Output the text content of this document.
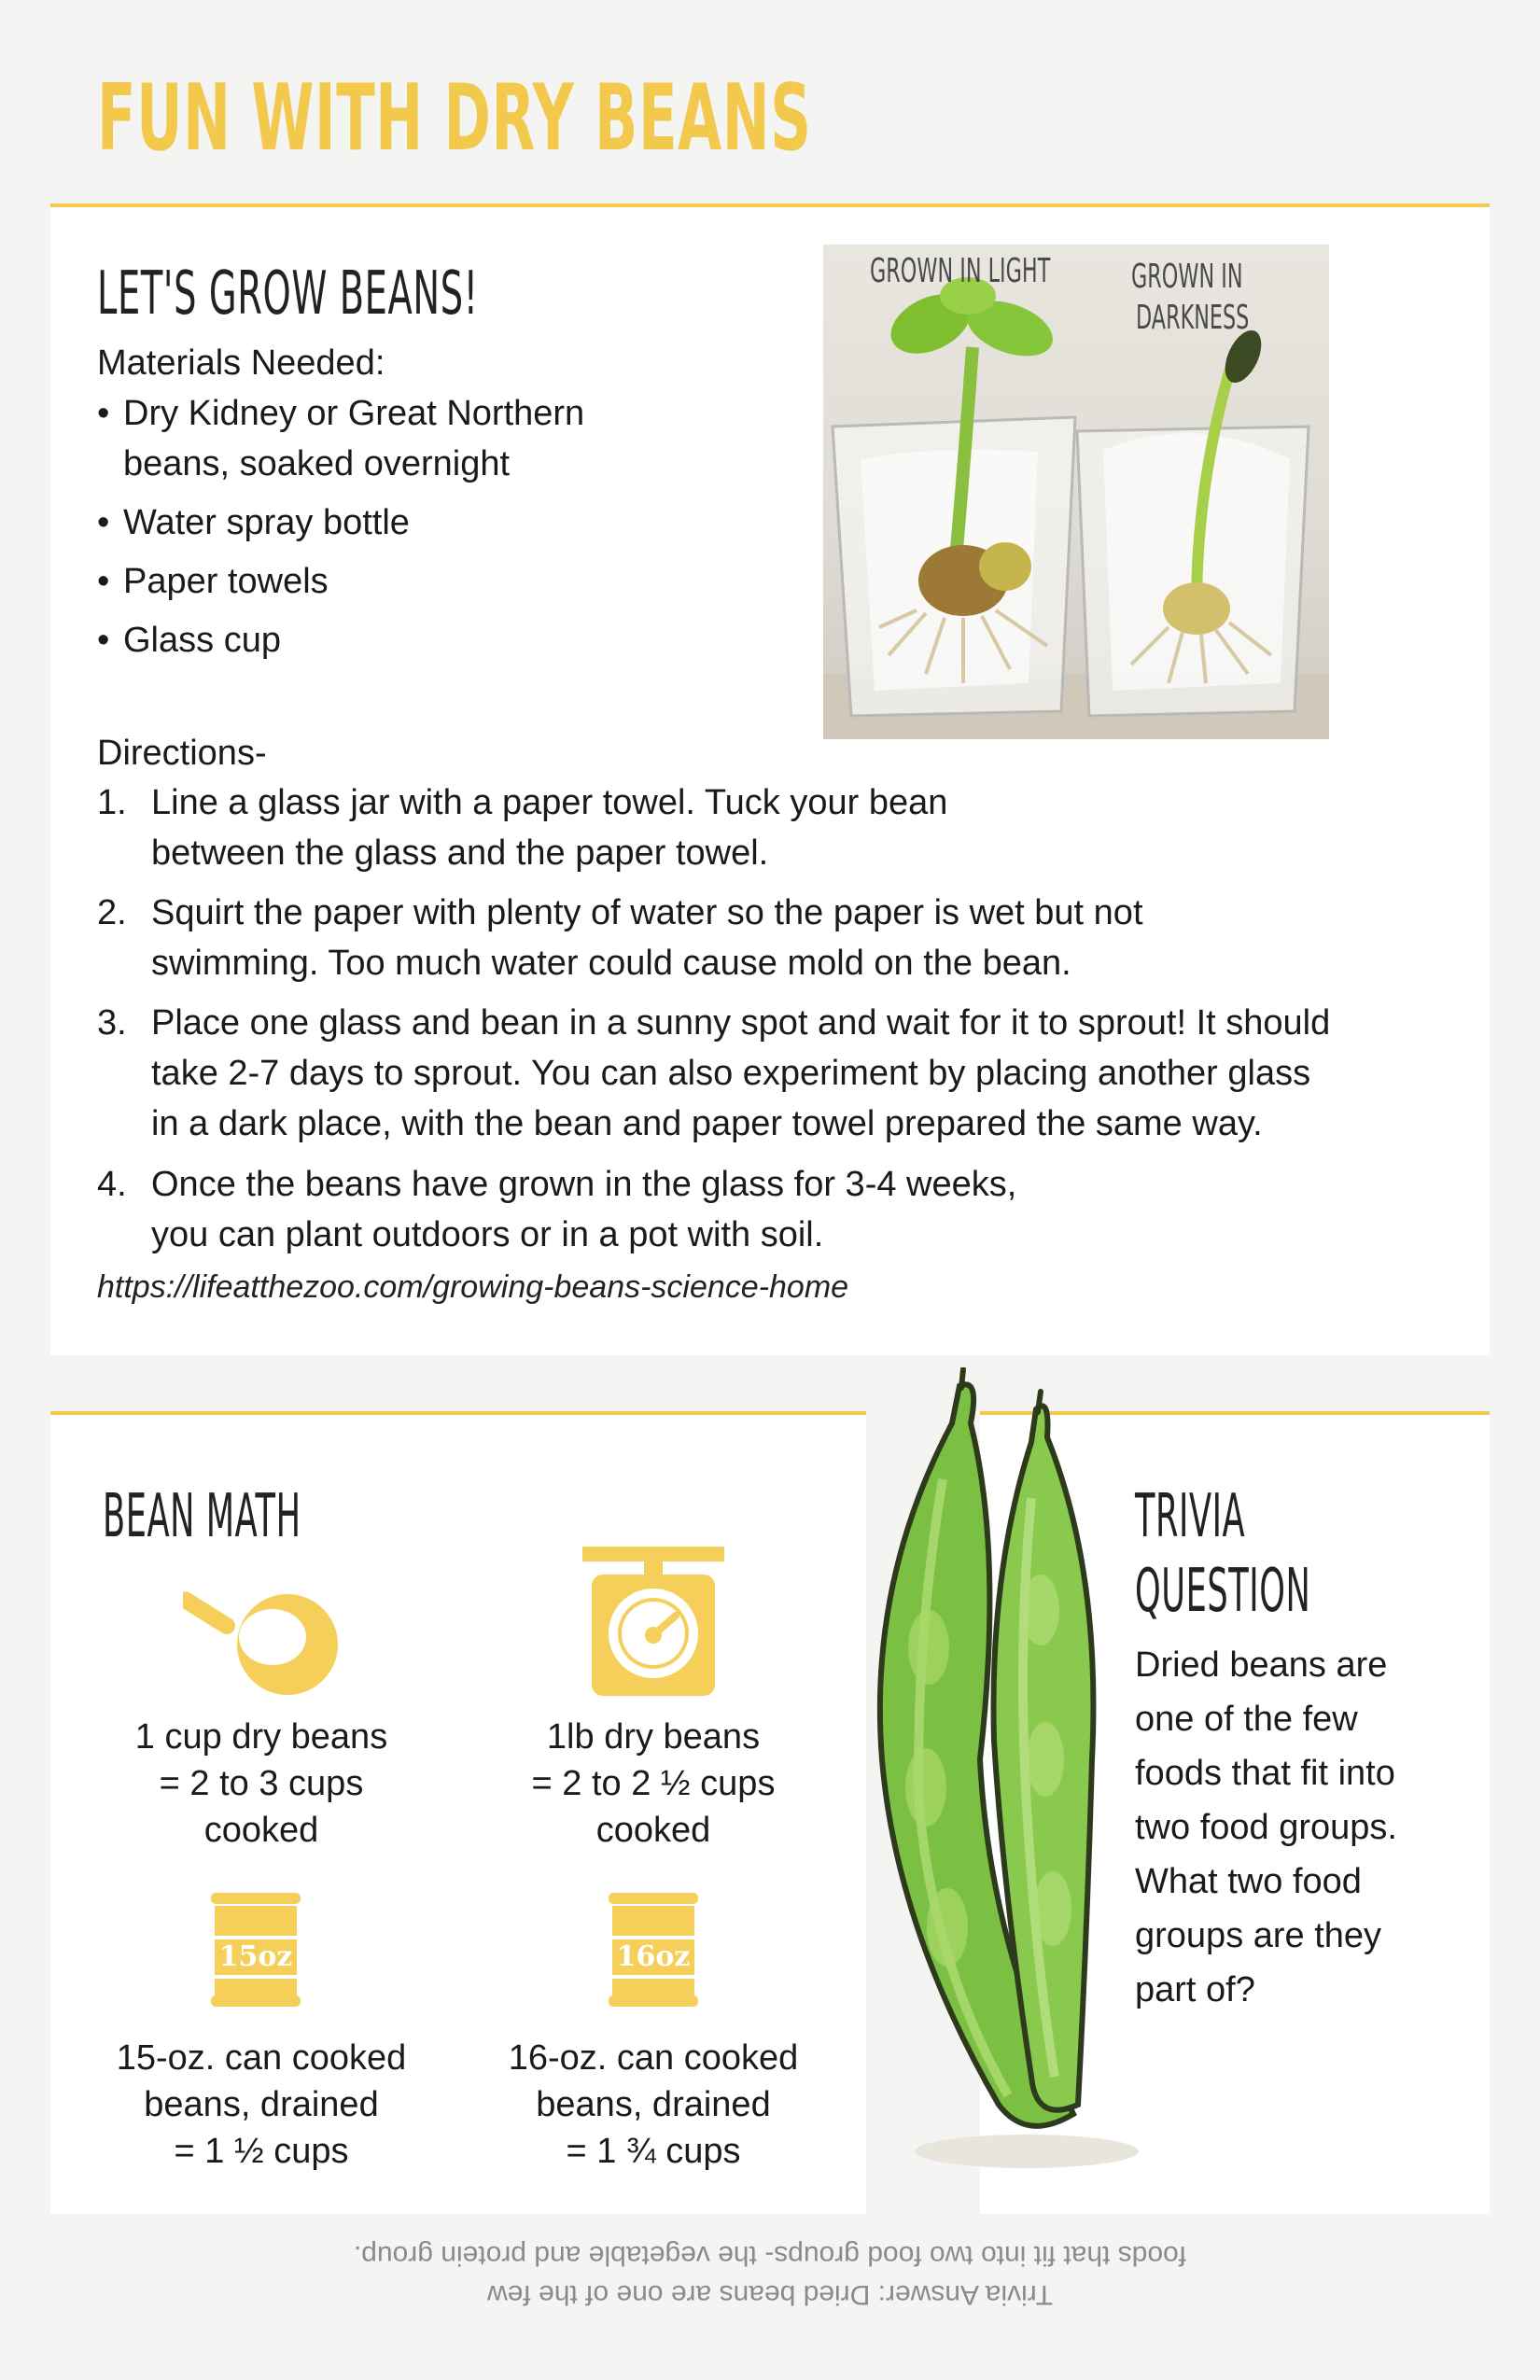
FUN WITH DRY BEANS
LET'S GROW BEANS!
Materials Needed:
• Dry Kidney or Great Northern
beans, soaked overnight
• Water spray bottle
• Paper towels
• Glass cup
GROWN IN LIGHT GROWN IN
DARKNESS
Directions-
1. Line a glass jar with a paper towel. Tuck your bean
between the glass and the paper towel.
2. Squirt the paper with plenty of water so the paper is wet but not
swimming. Too much water could cause mold on the bean.
3. Place one glass and bean in a sunny spot and wait for it to sprout! It should
take 2-7 days to sprout. You can also experiment by placing another glass
in a dark place, with the bean and paper towel prepared the same way.
4. Once the beans have grown in the glass for 3-4 weeks,
you can plant outdoors or in a pot with soil.
https://lifeatthezoo.com/growing-beans-science-home
BEAN MATH
1 cup dry beans
= 2 to 3 cups
cooked
1lb dry beans
= 2 to 2 ½ cups
cooked
15oz	16oz
15-oz. can cooked
beans, drained
= 1 ½ cups
16-oz. can cooked
beans, drained
= 1 ¾ cups
TRIVIA
QUESTION
Dried beans are
one of the few
foods that fit into
two food groups.
What two food
groups are they
part of?
Trivia Answer: Dried beans are one of the few
foods that fit into two food groups- the vegetable and protein group.
